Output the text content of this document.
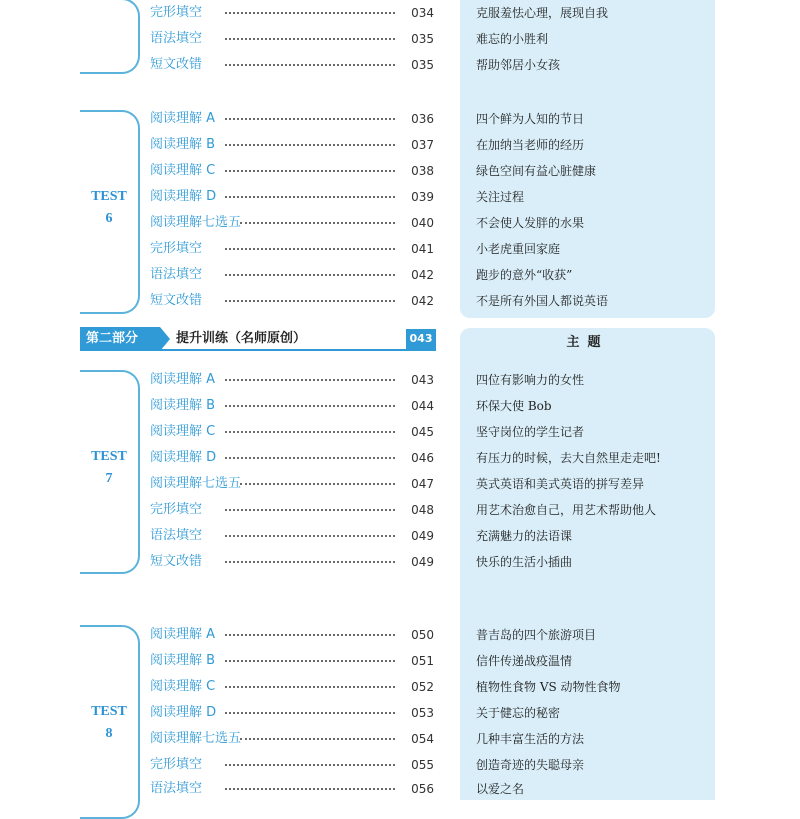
主题
TEST
6
TEST
7
TEST
8
第二部分	提升训练（名师原创）	043
完形填空	034	克服羞怯心理，展现自我
语法填空	035	难忘的小胜利
短文改错	035	帮助邻居小女孩
阅读理解 A	036	四个鲜为人知的节日
阅读理解 B	037	在加纳当老师的经历
阅读理解 C	038	绿色空间有益心脏健康
阅读理解 D	039	关注过程
阅读理解七选五	040	不会使人发胖的水果
完形填空	041	小老虎重回家庭
语法填空	042	跑步的意外“收获”
短文改错	042	不是所有外国人都说英语
阅读理解 A	043	四位有影响力的女性
阅读理解 B	044	环保大使 Bob
阅读理解 C	045	坚守岗位的学生记者
阅读理解 D	046	有压力的时候，去大自然里走走吧!
阅读理解七选五	047	英式英语和美式英语的拼写差异
完形填空	048	用艺术治愈自己，用艺术帮助他人
语法填空	049	充满魅力的法语课
短文改错	049	快乐的生活小插曲
阅读理解 A	050	普吉岛的四个旅游项目
阅读理解 B	051	信件传递战疫温情
阅读理解 C	052	植物性食物 VS 动物性食物
阅读理解 D	053	关于健忘的秘密
阅读理解七选五	054	几种丰富生活的方法
完形填空	055	创造奇迹的失聪母亲
语法填空	056	以爱之名
